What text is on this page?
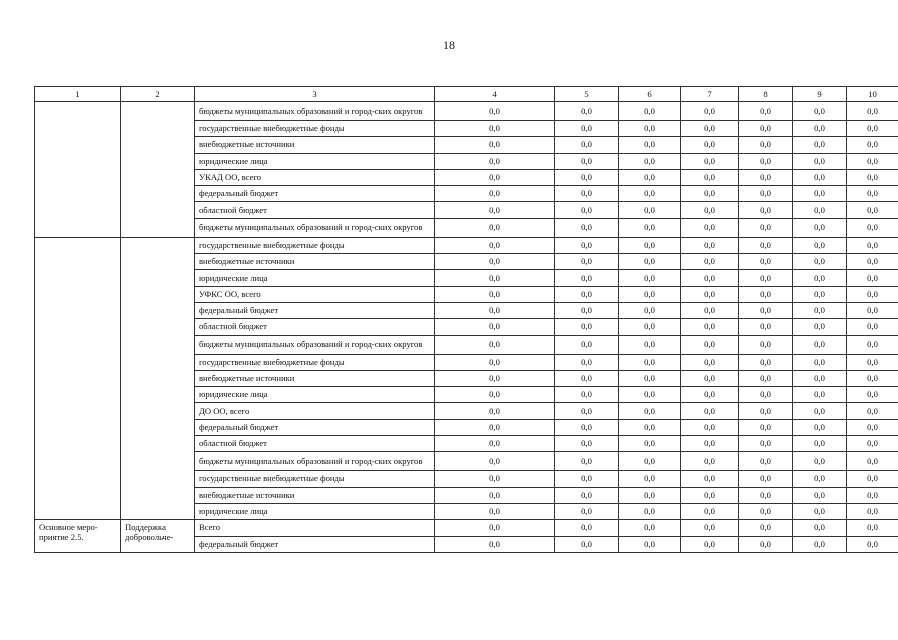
18
1	2	3	4	5	6	7	8	9	10
		бюджеты муниципальных образований и город-ских округов	0,0	0,0	0,0	0,0	0,0	0,0	0,0
		государственные внебюджетные фонды	0,0	0,0	0,0	0,0	0,0	0,0	0,0
		внебюджетные источники	0,0	0,0	0,0	0,0	0,0	0,0	0,0
		юридические лица	0,0	0,0	0,0	0,0	0,0	0,0	0,0
		УКАД ОО, всего	0,0	0,0	0,0	0,0	0,0	0,0	0,0
		федеральный бюджет	0,0	0,0	0,0	0,0	0,0	0,0	0,0
		областной бюджет	0,0	0,0	0,0	0,0	0,0	0,0	0,0
		бюджеты муниципальных образований и город-ских округов	0,0	0,0	0,0	0,0	0,0	0,0	0,0
		государственные внебюджетные фонды	0,0	0,0	0,0	0,0	0,0	0,0	0,0
		внебюджетные источники	0,0	0,0	0,0	0,0	0,0	0,0	0,0
		юридические лица	0,0	0,0	0,0	0,0	0,0	0,0	0,0
		УФКС ОО, всего	0,0	0,0	0,0	0,0	0,0	0,0	0,0
		федеральный бюджет	0,0	0,0	0,0	0,0	0,0	0,0	0,0
		областной бюджет	0,0	0,0	0,0	0,0	0,0	0,0	0,0
		бюджеты муниципальных образований и город-ских округов	0,0	0,0	0,0	0,0	0,0	0,0	0,0
		государственные внебюджетные фонды	0,0	0,0	0,0	0,0	0,0	0,0	0,0
		внебюджетные источники	0,0	0,0	0,0	0,0	0,0	0,0	0,0
		юридические лица	0,0	0,0	0,0	0,0	0,0	0,0	0,0
		ДО ОО, всего	0,0	0,0	0,0	0,0	0,0	0,0	0,0
		федеральный бюджет	0,0	0,0	0,0	0,0	0,0	0,0	0,0
		областной бюджет	0,0	0,0	0,0	0,0	0,0	0,0	0,0
		бюджеты муниципальных образований и город-ских округов	0,0	0,0	0,0	0,0	0,0	0,0	0,0
		государственные внебюджетные фонды	0,0	0,0	0,0	0,0	0,0	0,0	0,0
		внебюджетные источники	0,0	0,0	0,0	0,0	0,0	0,0	0,0
		юридические лица	0,0	0,0	0,0	0,0	0,0	0,0	0,0
Основное меро-приятие 2.5.	Поддержка добровольче-	Всего	0,0	0,0	0,0	0,0	0,0	0,0	0,0
		федеральный бюджет	0,0	0,0	0,0	0,0	0,0	0,0	0,0
